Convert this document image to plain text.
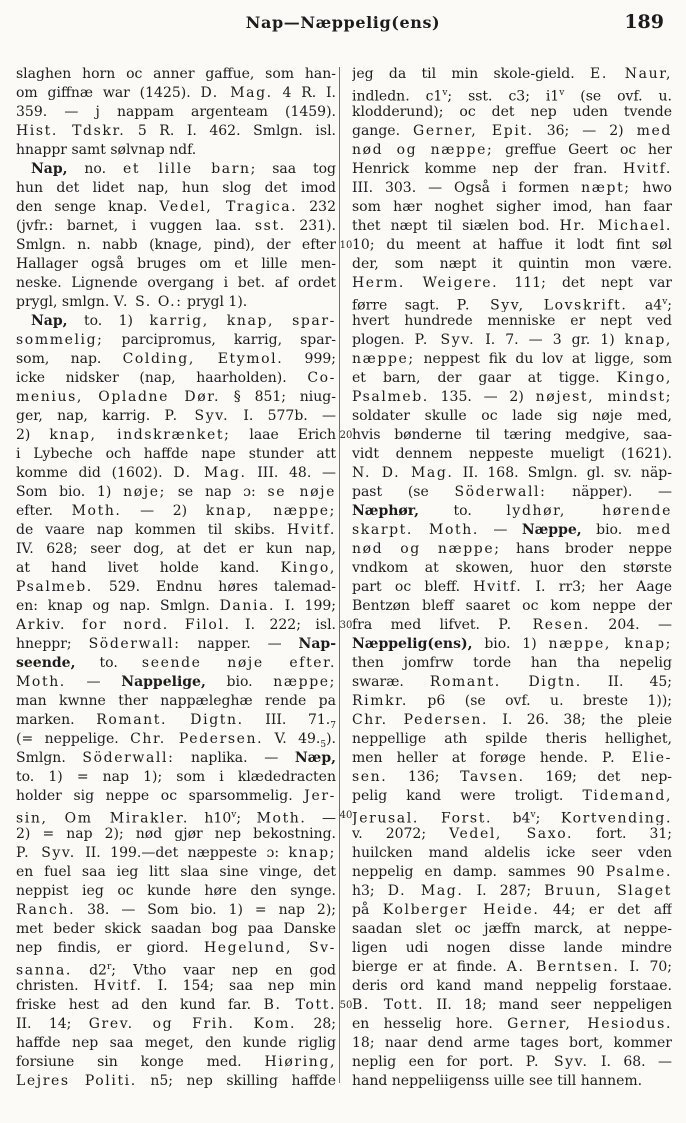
Nap—Næppelig(ens)	189
slaghen horn oc anner gaffue, som han-
om giffnæ war (1425). D. Mag. 4 R. I.
359. — j nappam argenteam (1459).
Hist. Tdskr. 5 R. I. 462. Smlgn. isl.
hnappr samt sølvnap ndf.
Nap, no. et lille barn; saa tog
hun det lidet nap, hun slog det imod
den senge knap. Vedel, Tragica. 232
(jvfr.: barnet, i vuggen laa. sst. 231).
Smlgn. n. nabb (knage, pind), der efter
Hallager også bruges om et lille men-
neske. Lignende overgang i bet. af ordet
prygl, smlgn. V. S. O.: prygl 1).
Nap, to. 1) karrig, knap, spar-
sommelig; parcipromus, karrig, spar-
som, nap. Colding, Etymol. 999;
icke nidsker (nap, haarholden). Co-
menius, Opladne Dør. § 851; niug-
ger, nap, karrig. P. Syv. I. 577b. —
2) knap, indskrænket; laae Erich
i Lybeche och haffde nape stunder att
komme did (1602). D. Mag. III. 48. —
Som bio. 1) nøje; se nap ɔ: se nøje
efter. Moth. — 2) knap, næppe;
de vaare nap kommen til skibs. Hvitf.
IV. 628; seer dog, at det er kun nap,
at hand livet holde kand. Kingo,
Psalmeb. 529. Endnu høres talemad-
en: knap og nap. Smlgn. Dania. I. 199;
Arkiv. for nord. Filol. I. 222; isl.
hneppr; Söderwall: napper. — Nap-
seende, to. seende nøje efter.
Moth. — Nappelige, bio. næppe;
man kwnne ther nappæleghæ rende pa
marken. Romant. Digtn. III. $71._7$
(= neppelige. Chr. Pedersen. V. $49._5$).
Smlgn. Söderwall: naplika. — Næp,
to. 1) = nap 1); som i klædedracten
holder sig neppe oc sparsommelig. Jer-
sin, Om Mirakler. h10$^v$; Moth. —
2) = nap 2); nød gjør nep bekostning.
P. Syv. II. 199.—det næppeste ɔ: knap;
en fuel saa ieg litt slaa sine vinge, det
neppist ieg oc kunde høre den synge.
Ranch. 38. — Som bio. 1) = nap 2);
met beder skick saadan bog paa Danske
nep findis, er giord. Hegelund, Sv-
sanna. d2$^r$; Vtho vaar nep en god
christen. Hvitf. I. 154; saa nep min
friske hest ad den kund far. B. Tott.
II. 14; Grev. og Frih. Kom. 28;
haffde nep saa meget, den kunde riglig
forsiune sin konge med. Hiøring,
Lejres Politi. n5; nep skilling haffde
10
20
30
40
50
jeg da til min skole-gield. E. Naur,
indledn. c1$^v$; sst. c3; i1$^v$ (se ovf. u.
klodderund); oc det nep uden tvende
gange. Gerner, Epit. 36; — 2) med
nød og næppe; greffue Geert oc her
Henrick komme nep der fran. Hvitf.
III. 303. — Også i formen næpt; hwo
som hær noghet sigher imod, han faar
thet næpt til siælen bod. Hr. Michael.
10; du meent at haffue it lodt fint søl
der, som næpt it quintin mon være.
Herm. Weigere. 111; det nept var
førre sagt. P. Syv, Lovskrift. a4$^v$;
hvert hundrede menniske er nept ved
plogen. P. Syv. I. 7. — 3 gr. 1) knap,
næppe; neppest fik du lov at ligge, som
et barn, der gaar at tigge. Kingo,
Psalmeb. 135. — 2) nøjest, mindst;
soldater skulle oc lade sig nøje med,
hvis bønderne til tæring medgive, saa-
vidt dennem neppeste mueligt (1621).
N. D. Mag. II. 168. Smlgn. gl. sv. näp-
past (se Söderwall: näpper). —
Næphør, to. lydhør, hørende
skarpt. Moth. — Næppe, bio. med
nød og næppe; hans broder neppe
vndkom at skowen, huor den største
part oc bleff. Hvitf. I. rr3; her Aage
Bentzøn bleff saaret oc kom neppe der
fra med lifvet. P. Resen. 204. —
Næppelig(ens), bio. 1) næppe, knap;
then jomfrw torde han tha nepelig
swaræ. Romant. Digtn. II. 45;
Rimkr. p6 (se ovf. u. breste 1));
Chr. Pedersen. I. 26. 38; the pleie
neppellige ath spilde theris hellighet,
men heller at forøge hende. P. Elie-
sen. 136; Tavsen. 169; det nep-
pelig kand were troligt. Tidemand,
Jerusal. Forst. b4$^v$; Kortvending.
v. 2072; Vedel, Saxo. fort. 31;
huilcken mand aldelis icke seer vden
neppelig en damp. sammes 90 Psalme.
h3; D. Mag. I. 287; Bruun, Slaget
på Kolberger Heide. 44; er det aff
saadan slet oc jæffn marck, at neppe-
ligen udi nogen disse lande mindre
bierge er at finde. A. Berntsen. I. 70;
deris ord kand mand neppelig forstaae.
B. Tott. II. 18; mand seer neppeligen
en hesselig hore. Gerner, Hesiodus.
18; naar dend arme tages bort, kommer
neplig een for port. P. Syv. I. 68. —
hand neppeliigenss uille see till hannem.
